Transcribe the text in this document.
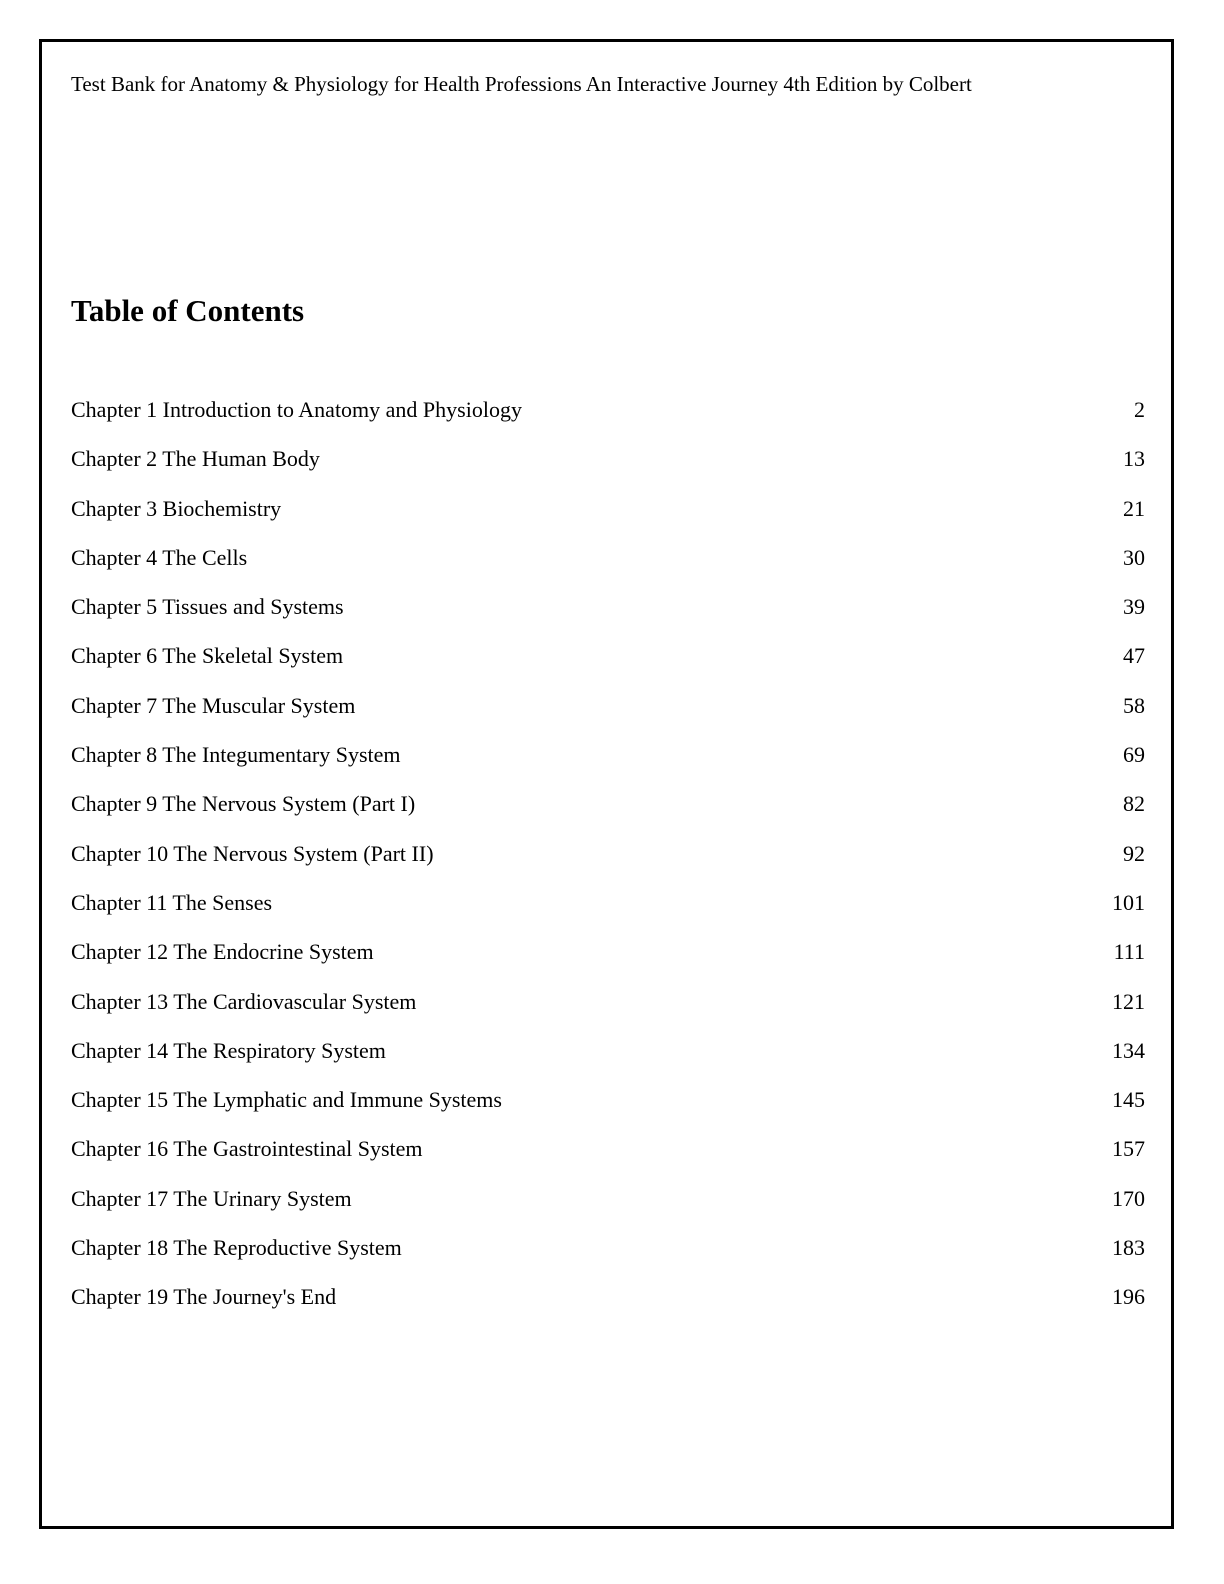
Test Bank for Anatomy & Physiology for Health Professions An Interactive Journey 4th Edition by Colbert
Table of Contents
Chapter 1 Introduction to Anatomy and Physiology	2
Chapter 2 The Human Body	13
Chapter 3 Biochemistry	21
Chapter 4 The Cells	30
Chapter 5 Tissues and Systems	39
Chapter 6 The Skeletal System	47
Chapter 7 The Muscular System	58
Chapter 8 The Integumentary System	69
Chapter 9 The Nervous System (Part I)	82
Chapter 10 The Nervous System (Part II)	92
Chapter 11 The Senses	101
Chapter 12 The Endocrine System	111
Chapter 13 The Cardiovascular System	121
Chapter 14 The Respiratory System	134
Chapter 15 The Lymphatic and Immune Systems	145
Chapter 16 The Gastrointestinal System	157
Chapter 17 The Urinary System	170
Chapter 18 The Reproductive System	183
Chapter 19 The Journey's End	196
